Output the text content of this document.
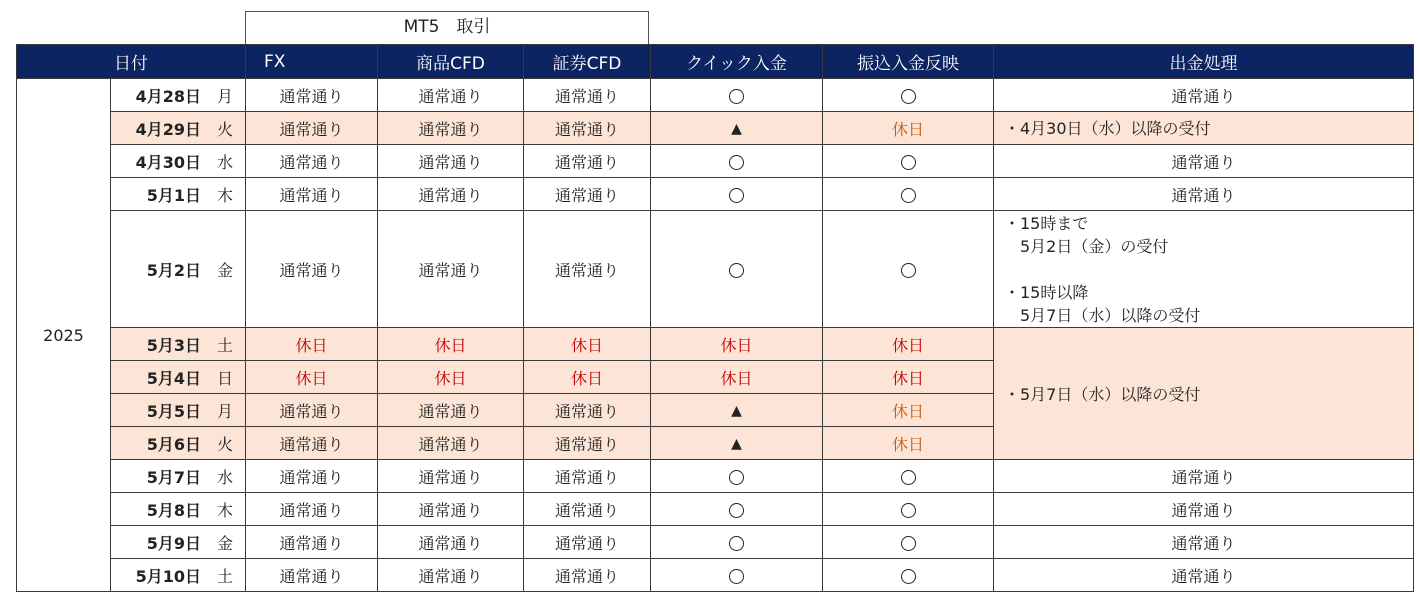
MT5　取引
日付		FX	商品CFD	証券CFD	クイック入金	振込入金反映	出金処理
2025	4月28日 月	通常通り	通常通り	通常通り			通常通り
	4月29日 火	通常通り	通常通り	通常通り	▲	休日	・4月30日（水）以降の受付
	4月30日 水	通常通り	通常通り	通常通り			通常通り
	5月1日 木	通常通り	通常通り	通常通り			通常通り
	5月2日 金	通常通り	通常通り	通常通り			・15時まで
　5月2日（金）の受付

・15時以降
　5月7日（水）以降の受付
	5月3日 土	休日	休日	休日	休日	休日	・5月7日（水）以降の受付
	5月4日 日	休日	休日	休日	休日	休日	
	5月5日 月	通常通り	通常通り	通常通り	▲	休日	
	5月6日 火	通常通り	通常通り	通常通り	▲	休日	
	5月7日 水	通常通り	通常通り	通常通り			通常通り
	5月8日 木	通常通り	通常通り	通常通り			通常通り
	5月9日 金	通常通り	通常通り	通常通り			通常通り
	5月10日 土	通常通り	通常通り	通常通り			通常通り
